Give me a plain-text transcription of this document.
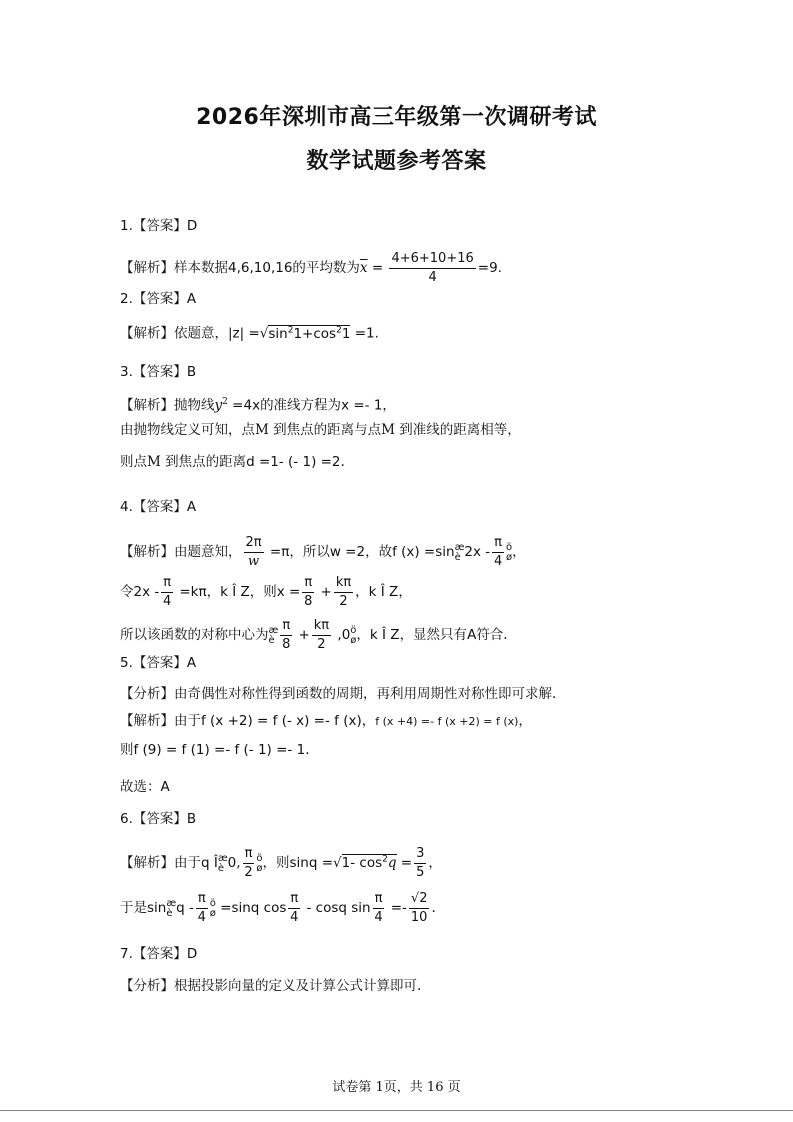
2026年深圳市高三年级第一次调研考试
数学试题参考答案
1.【答案】D
【解析】样本数据4,6,10,16的平均数为$\overline{x} = \frac{4+6+10+16}{4} =9$.
2.【答案】A
【解析】依题意，$|z| =√\sin^21+\cos^21 =1$.
3.【答案】B
【解析】抛物线$y^2 =4x$的准线方程为x =- 1，
由抛物线定义可知，点M 到焦点的距离与点M 到准线的距离相等，
则点M 到焦点的距离d =1- (- 1) =2.
4.【答案】A
【解析】由题意知， $\frac{2\pi}{w} =\pi$，所以w =2，故f (x) =sinæ
è $2x - \frac{\pi}{4}$ ö
ø，
令$2x - \frac{\pi}{4} =k\pi$，k Î Z，则$x = \frac{\pi}{8} + \frac{k\pi}{2}$ ，k Î Z，
所以该函数的对称中心为æ
è $\frac{\pi}{8} + \frac{k\pi}{2}$ ,0ö
ø，k Î Z，显然只有A符合.
5.【答案】A
【分析】由奇偶性对称性得到函数的周期，再利用周期性对称性即可求解.
【解析】由于f (x +2) = f (- x) =- f (x)，f (x +4) =- f (x +2) = f (x)，
则f (9) = f (1) =- f (- 1) =- 1.
故选：A
6.【答案】B
【解析】由于q Îæ
è 0, $\frac{\pi}{2}$ ö
ø，则sinq =√1- $\cos^2q = \frac{3}{5}$ ，
于是sinæ
è q - $\frac{\pi}{4}$ ö
ø =sinq $\cos \frac{\pi}{4}$ - cosq $\sin \frac{\pi}{4} =- \frac{√2}{10}$ .
7.【答案】D
【分析】根据投影向量的定义及计算公式计算即可.
试卷第 1页，共 16 页
